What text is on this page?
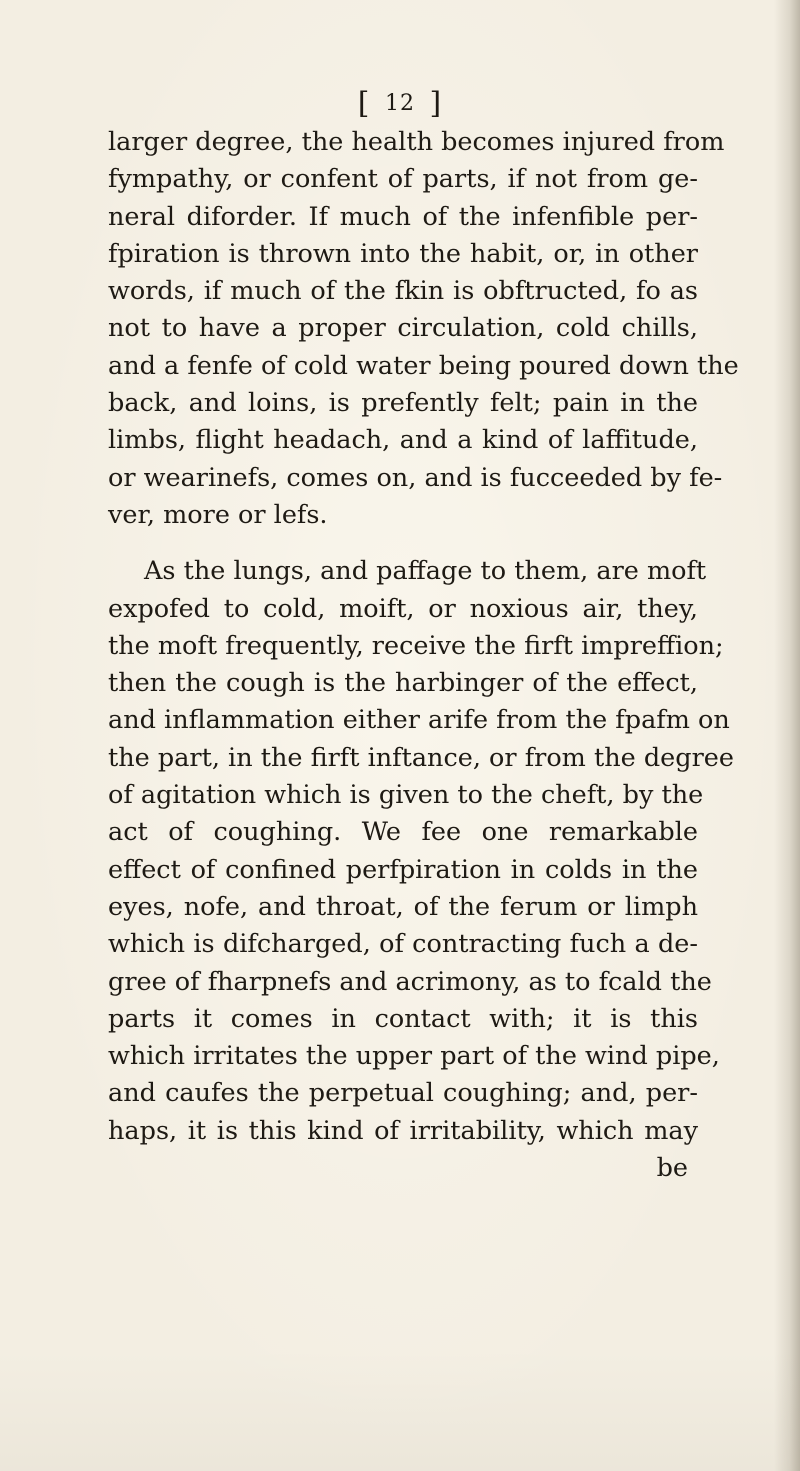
[ 12 ]
larger degree, the health becomes injured from
fympathy, or confent of parts, if not from ge-
neral diforder. If much of the infenfible per-
fpiration is thrown into the habit, or, in other
words, if much of the fkin is obftructed, fo as
not to have a proper circulation, cold chills,
and a fenfe of cold water being poured down the
back, and loins, is prefently felt; pain in the
limbs, flight headach, and a kind of laffitude,
or wearinefs, comes on, and is fucceeded by fe-
ver, more or lefs.
As the lungs, and paffage to them, are moft
expofed to cold, moift, or noxious air, they,
the moft frequently, receive the firft impreffion;
then the cough is the harbinger of the effect,
and inflammation either arife from the fpafm on
the part, in the firft inftance, or from the degree
of agitation which is given to the cheft, by the
act of coughing. We fee one remarkable
effect of confined perfpiration in colds in the
eyes, nofe, and throat, of the ferum or limph
which is difcharged, of contracting fuch a de-
gree of fharpnefs and acrimony, as to fcald the
parts it comes in contact with; it is this
which irritates the upper part of the wind pipe,
and caufes the perpetual coughing; and, per-
haps, it is this kind of irritability, which may
be
